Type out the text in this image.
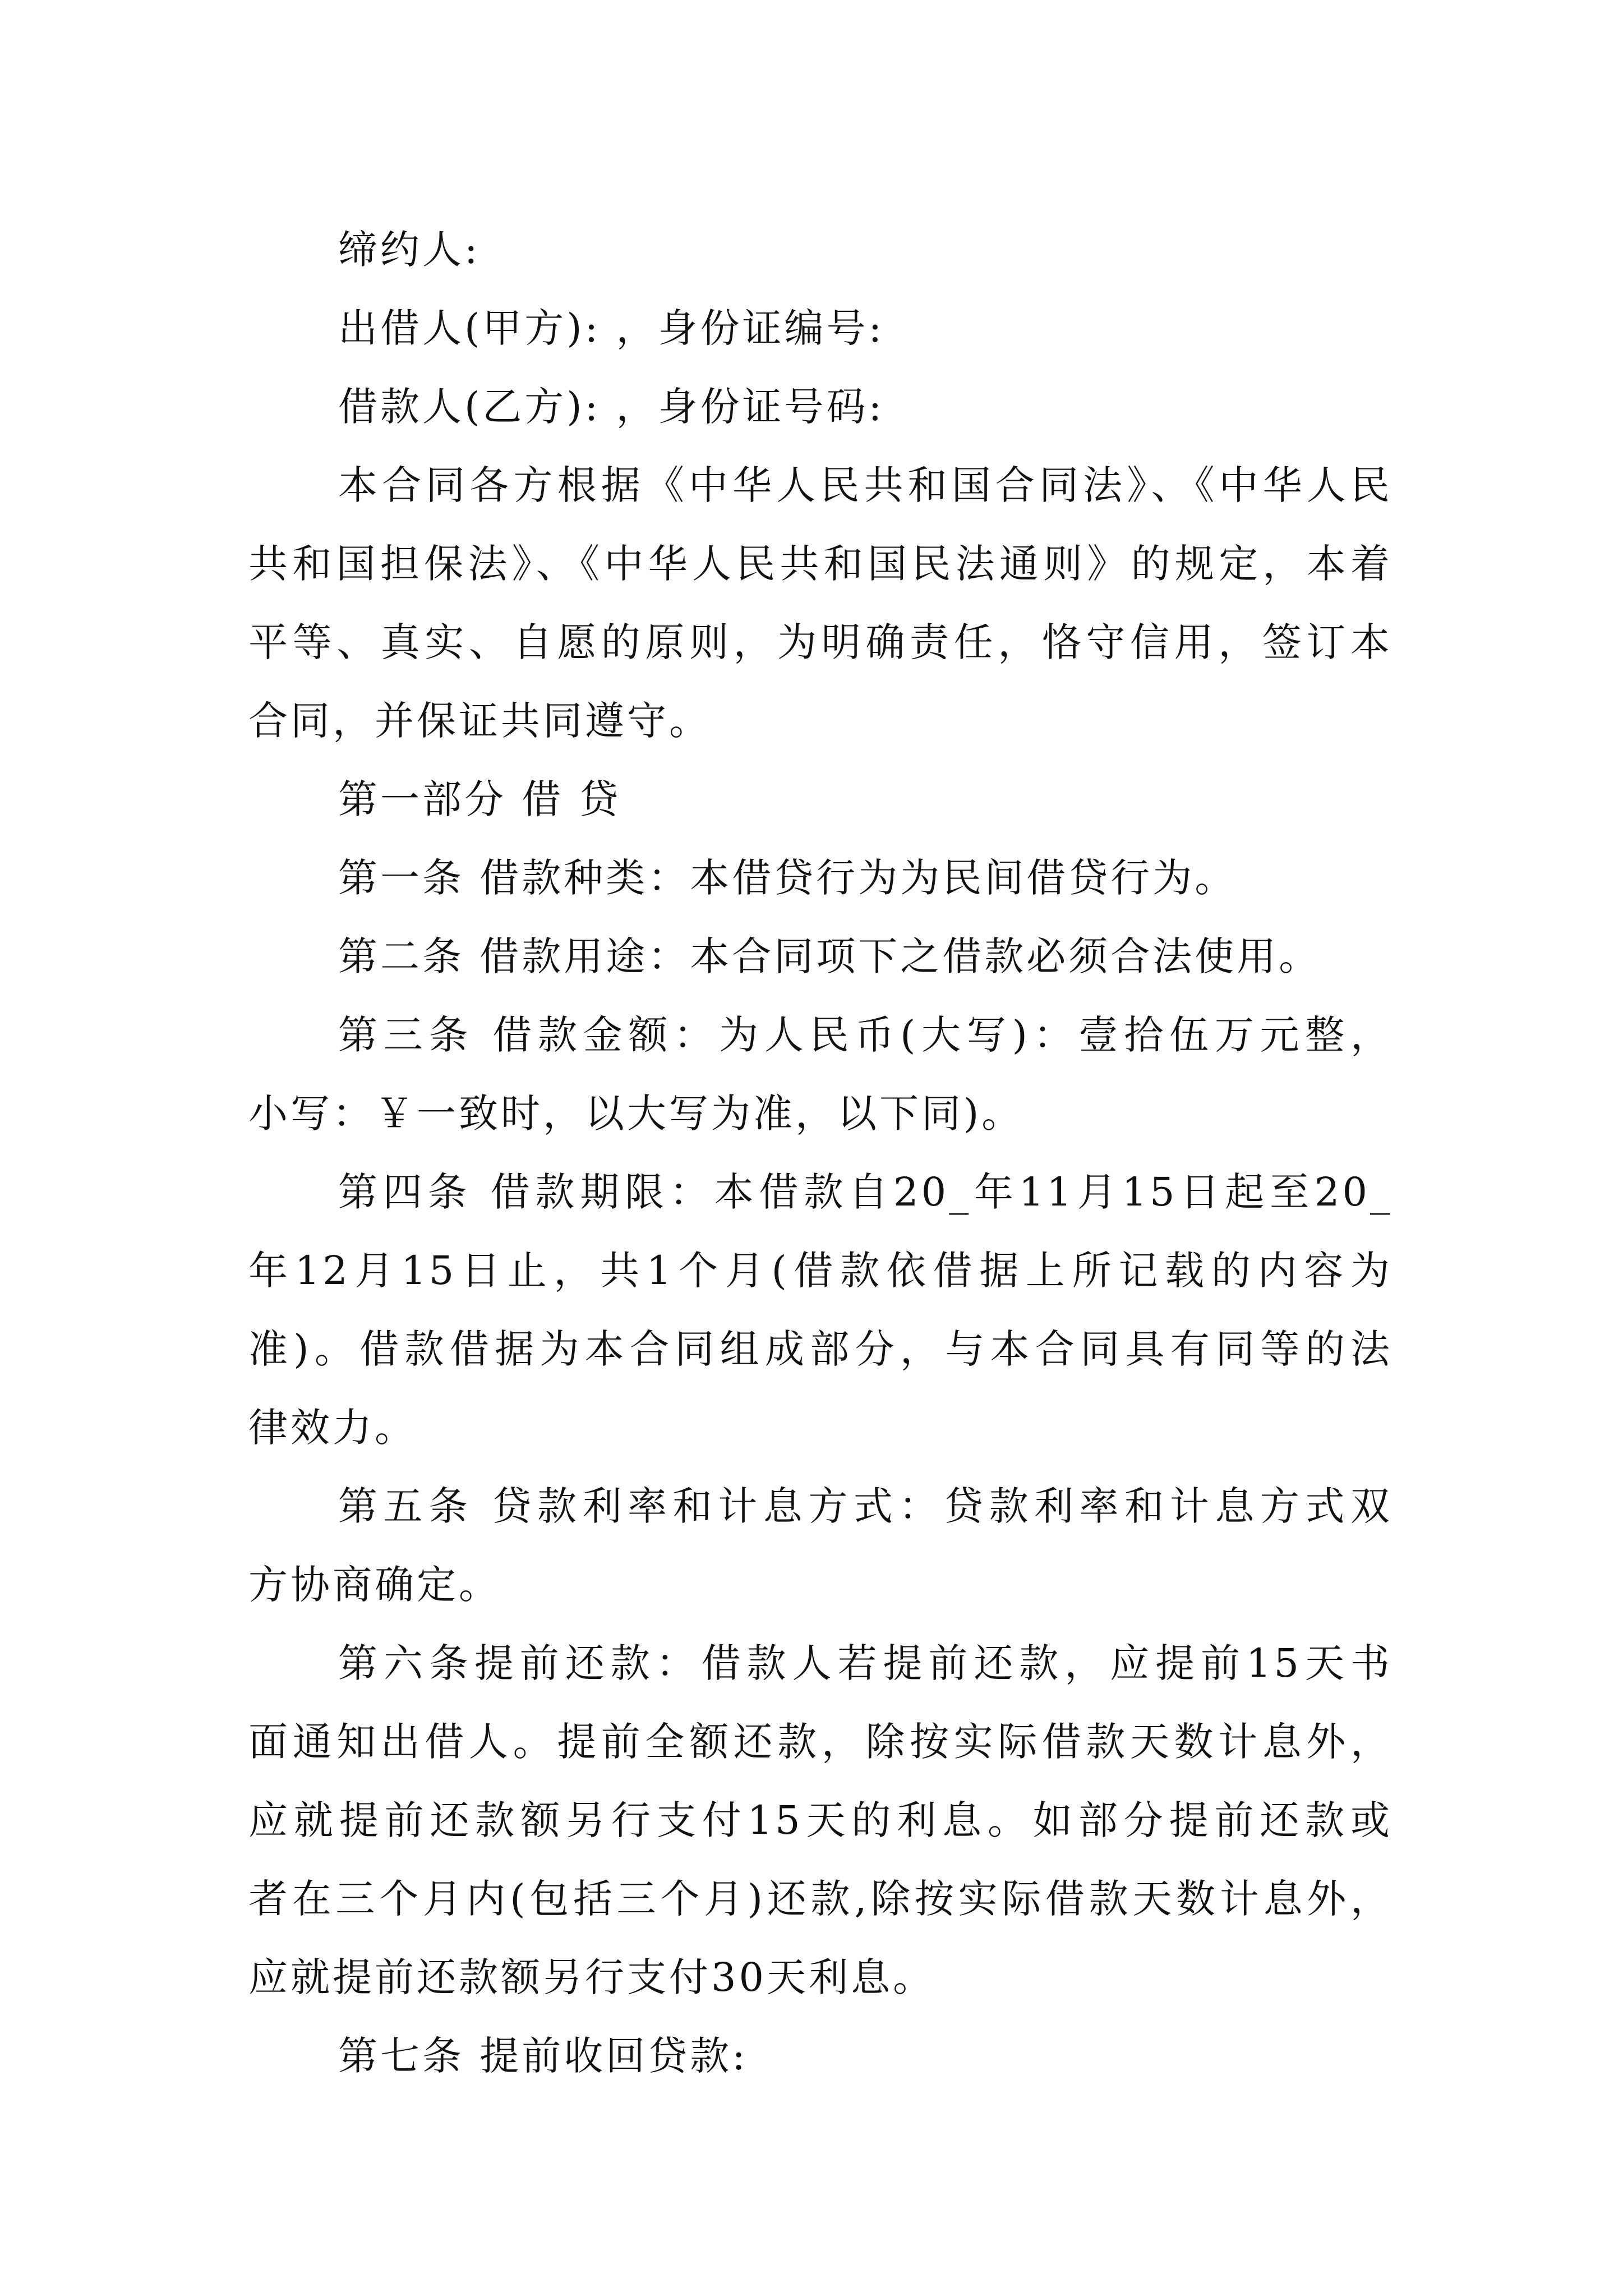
缔约人:
出借人(甲方): ，身份证编号:
借款人(乙方): ，身份证号码:
本合同各方根据《中华人民共和国合同法》、《中华人民
共和国担保法》、《中华人民共和国民法通则》的规定，本着
平等、真实、自愿的原则，为明确责任，恪守信用，签订本
合同，并保证共同遵守。
第一部分 借 贷
第一条 借款种类：本借贷行为为民间借贷行为。
第二条 借款用途：本合同项下之借款必须合法使用。
第三条 借款金额：为人民币(大写)：壹拾伍万元整，
小写：￥一致时，以大写为准，以下同)。
第四条 借款期限：本借款自20_年11月15日起至20_
年12月15日止，共1个月(借款依借据上所记载的内容为
准)。借款借据为本合同组成部分，与本合同具有同等的法
律效力。
第五条 贷款利率和计息方式：贷款利率和计息方式双
方协商确定。
第六条提前还款：借款人若提前还款，应提前15天书
面通知出借人。提前全额还款，除按实际借款天数计息外，
应就提前还款额另行支付15天的利息。如部分提前还款或
者在三个月内(包括三个月)还款,除按实际借款天数计息外，
应就提前还款额另行支付30天利息。
第七条 提前收回贷款:
